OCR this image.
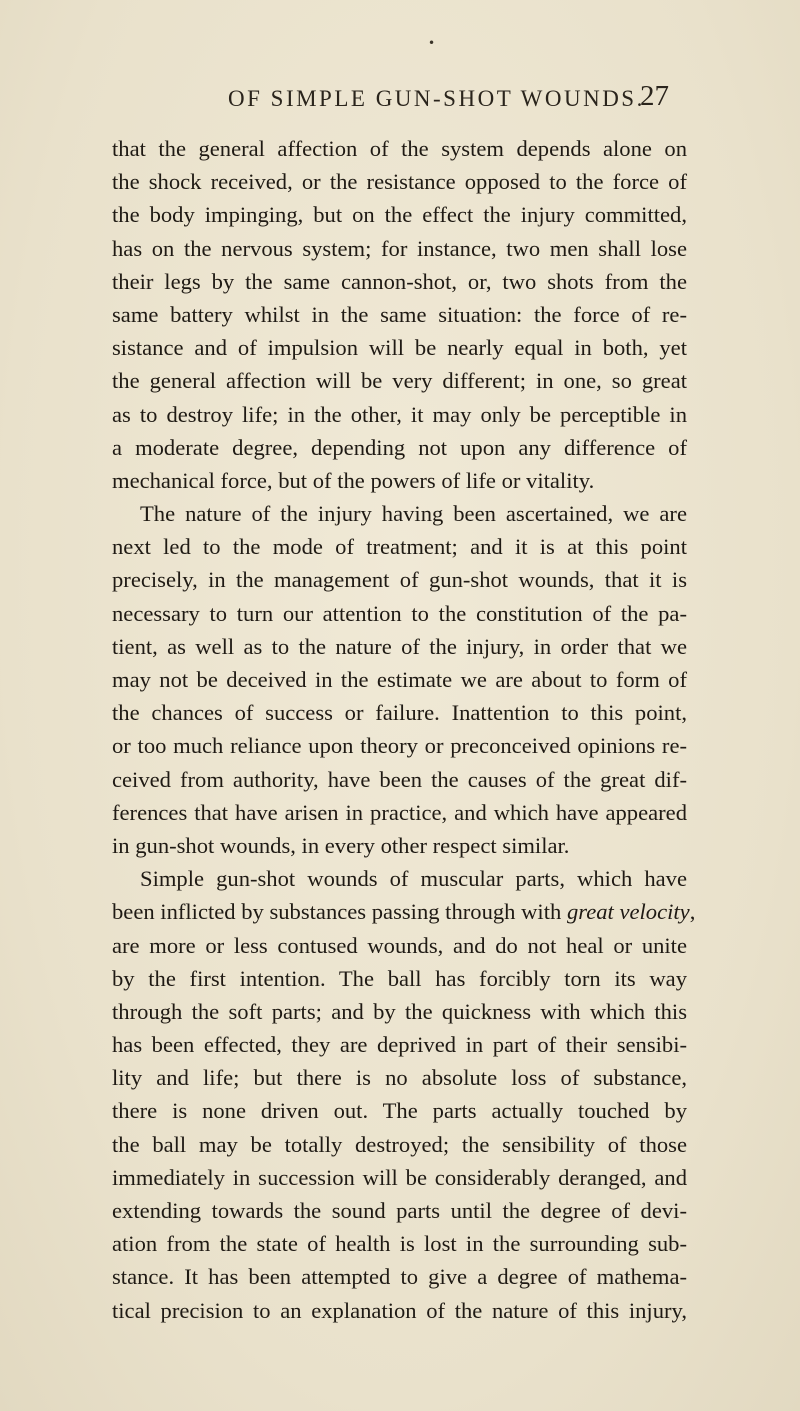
•
OF SIMPLE GUN-SHOT WOUNDS.
27
that the general affection of the system depends alone on
the shock received, or the resistance opposed to the force of
the body impinging, but on the effect the injury committed,
has on the nervous system; for instance, two men shall lose
their legs by the same cannon-shot, or, two shots from the
same battery whilst in the same situation: the force of re-
sistance and of impulsion will be nearly equal in both, yet
the general affection will be very different; in one, so great
as to destroy life; in the other, it may only be perceptible in
a moderate degree, depending not upon any difference of
mechanical force, but of the powers of life or vitality.
The nature of the injury having been ascertained, we are
next led to the mode of treatment; and it is at this point
precisely, in the management of gun-shot wounds, that it is
necessary to turn our attention to the constitution of the pa-
tient, as well as to the nature of the injury, in order that we
may not be deceived in the estimate we are about to form of
the chances of success or failure. Inattention to this point,
or too much reliance upon theory or preconceived opinions re-
ceived from authority, have been the causes of the great dif-
ferences that have arisen in practice, and which have appeared
in gun-shot wounds, in every other respect similar.
Simple gun-shot wounds of muscular parts, which have
been inflicted by substances passing through with great velocity,
are more or less contused wounds, and do not heal or unite
by the first intention. The ball has forcibly torn its way
through the soft parts; and by the quickness with which this
has been effected, they are deprived in part of their sensibi-
lity and life; but there is no absolute loss of substance,
there is none driven out. The parts actually touched by
the ball may be totally destroyed; the sensibility of those
immediately in succession will be considerably deranged, and
extending towards the sound parts until the degree of devi-
ation from the state of health is lost in the surrounding sub-
stance. It has been attempted to give a degree of mathema-
tical precision to an explanation of the nature of this injury,
